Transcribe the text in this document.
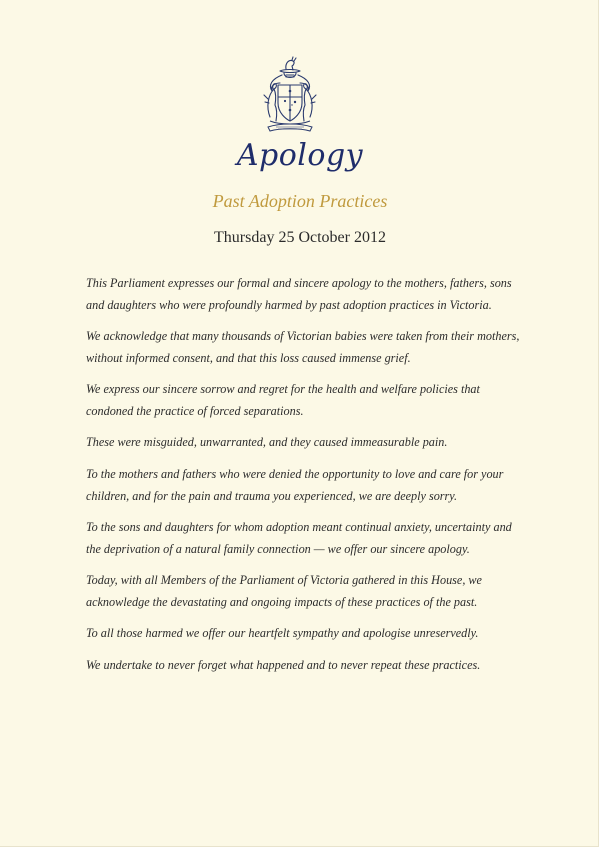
Apology
Past Adoption Practices
Thursday 25 October 2012

This Parliament expresses our formal and sincere apology to the mothers, fathers, sons and daughters who were profoundly harmed by past adoption practices in Victoria.

We acknowledge that many thousands of Victorian babies were taken from their mothers, without informed consent, and that this loss caused immense grief.

We express our sincere sorrow and regret for the health and welfare policies that condoned the practice of forced separations.

These were misguided, unwarranted, and they caused immeasurable pain.

To the mothers and fathers who were denied the opportunity to love and care for your children, and for the pain and trauma you experienced, we are deeply sorry.

To the sons and daughters for whom adoption meant continual anxiety, uncertainty and the deprivation of a natural family connection — we offer our sincere apology.

Today, with all Members of the Parliament of Victoria gathered in this House, we acknowledge the devastating and ongoing impacts of these practices of the past.

To all those harmed we offer our heartfelt sympathy and apologise unreservedly.

We undertake to never forget what happened and to never repeat these practices.
